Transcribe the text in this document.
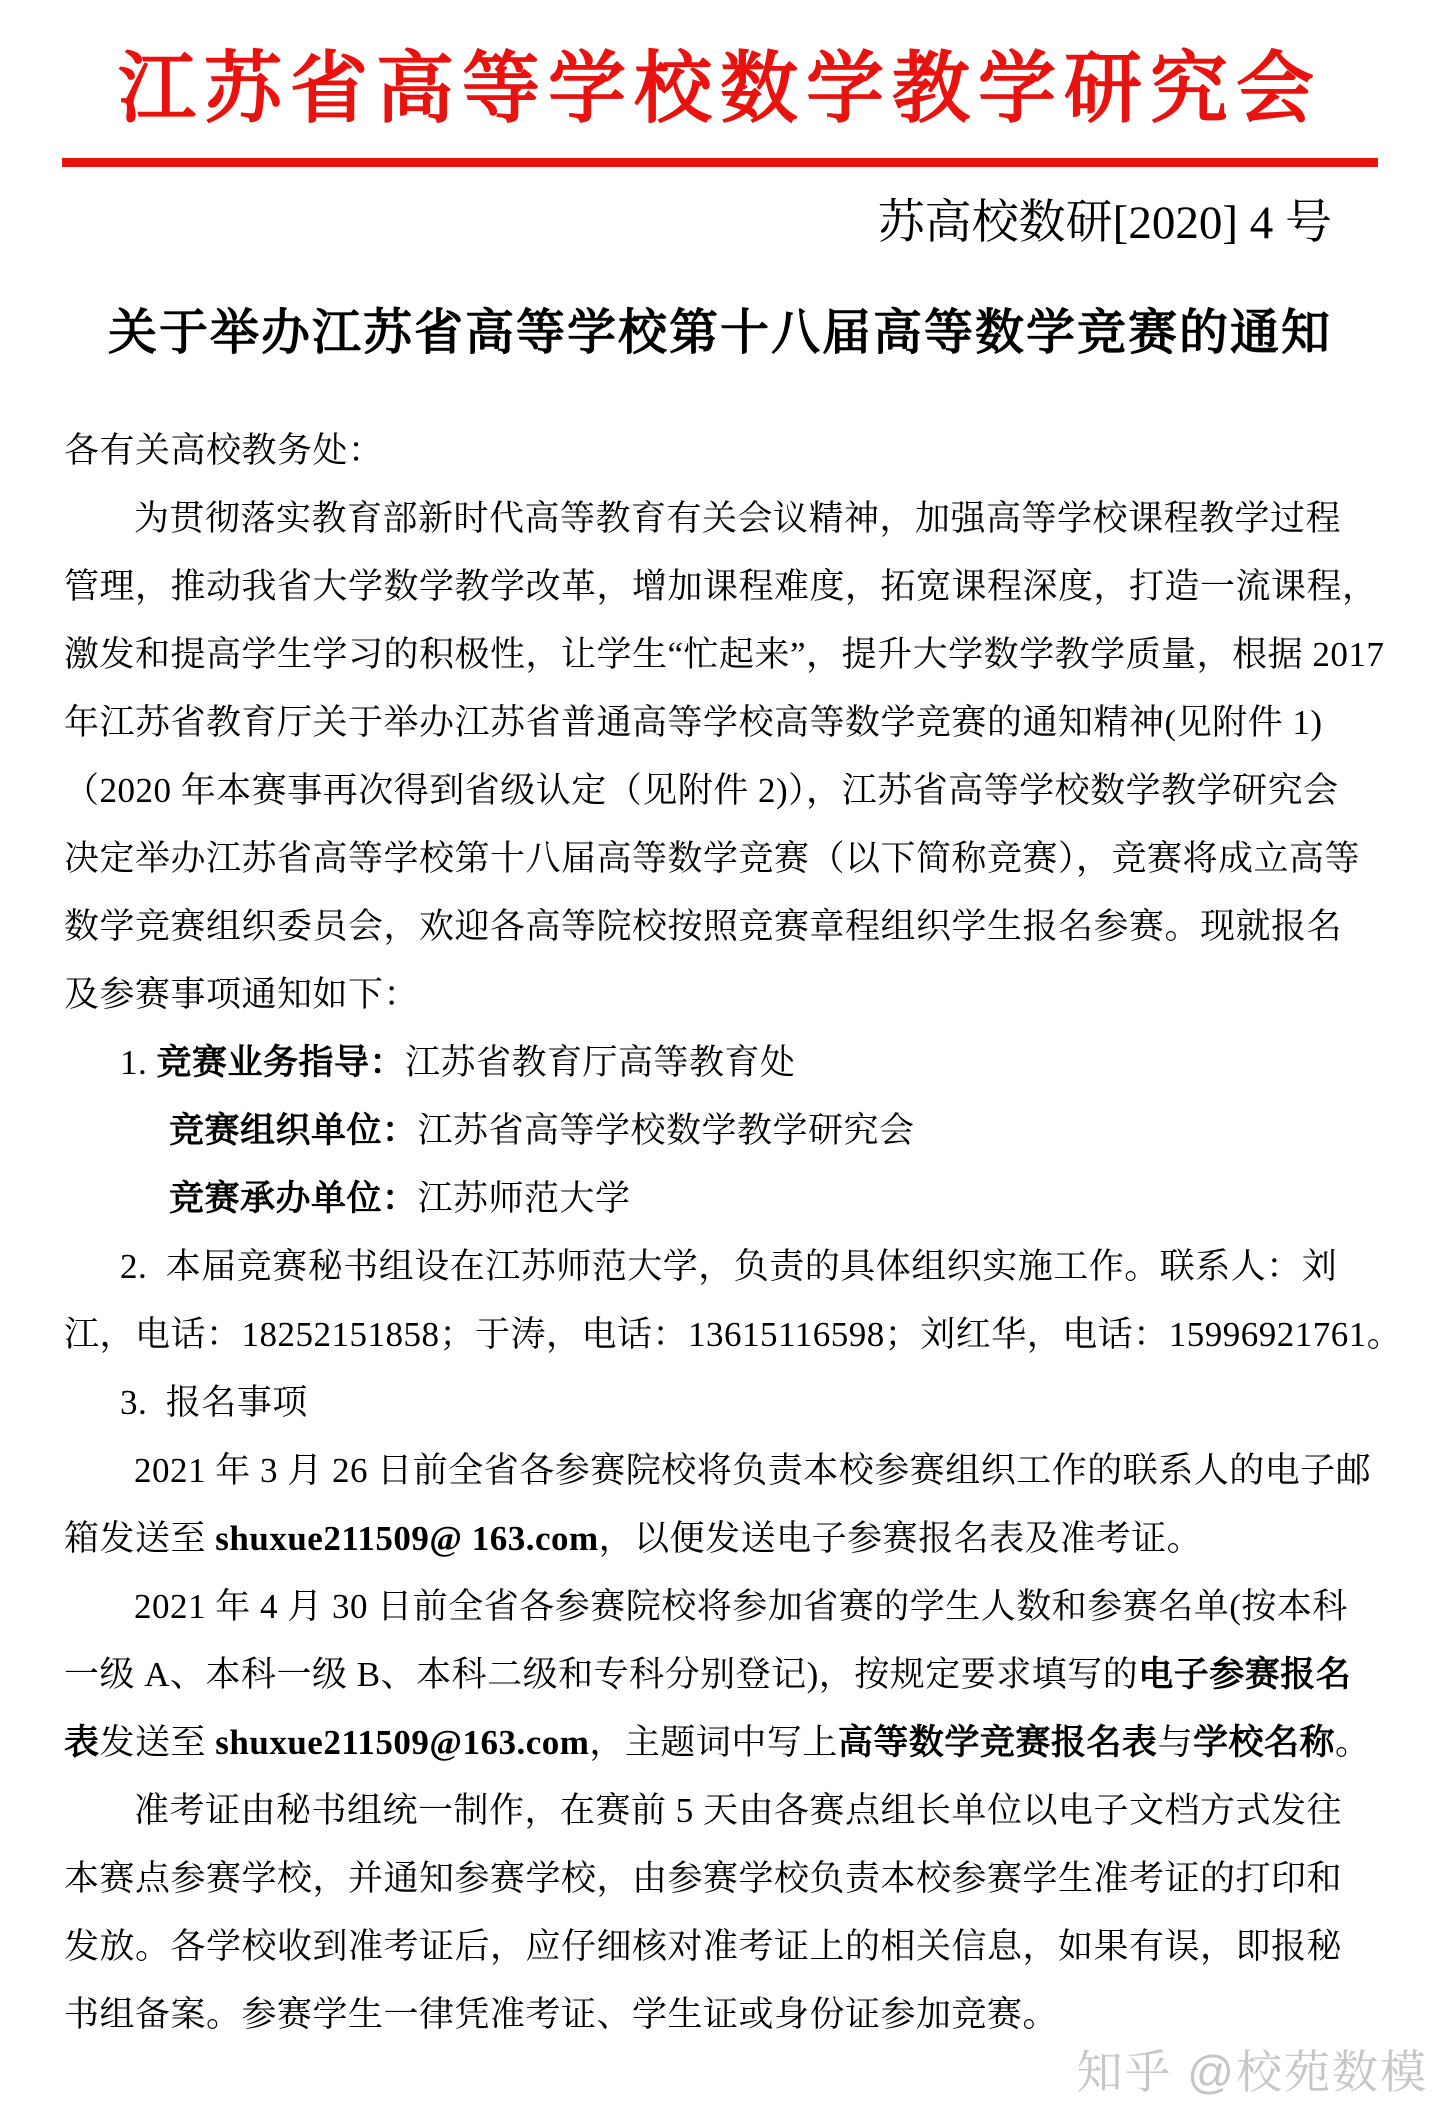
江苏省高等学校数学教学研究会
苏高校数研[2020] 4 号
关于举办江苏省高等学校第十八届高等数学竞赛的通知
各有关高校教务处：
为贯彻落实教育部新时代高等教育有关会议精神，加强高等学校课程教学过程
管理，推动我省大学数学教学改革，增加课程难度，拓宽课程深度，打造一流课程，
激发和提高学生学习的积极性，让学生“忙起来”，提升大学数学教学质量，根据 2017
年江苏省教育厅关于举办江苏省普通高等学校高等数学竞赛的通知精神(见附件 1)
（2020 年本赛事再次得到省级认定（见附件 2)），江苏省高等学校数学教学研究会
决定举办江苏省高等学校第十八届高等数学竞赛（以下简称竞赛），竞赛将成立高等
数学竞赛组织委员会，欢迎各高等院校按照竞赛章程组织学生报名参赛。现就报名
及参赛事项通知如下：
1. 竞赛业务指导：江苏省教育厅高等教育处
竞赛组织单位：江苏省高等学校数学教学研究会
竞赛承办单位：江苏师范大学
2.  本届竞赛秘书组设在江苏师范大学，负责的具体组织实施工作。联系人：刘
江，电话：18252151858；于涛，电话：13615116598；刘红华，电话：15996921761。
3.  报名事项
2021 年 3 月 26 日前全省各参赛院校将负责本校参赛组织工作的联系人的电子邮
箱发送至 shuxue211509@ 163.com，以便发送电子参赛报名表及准考证。
2021 年 4 月 30 日前全省各参赛院校将参加省赛的学生人数和参赛名单(按本科
一级 A、本科一级 B、本科二级和专科分别登记)，按规定要求填写的电子参赛报名
表发送至 shuxue211509@163.com，主题词中写上高等数学竞赛报名表与学校名称。
准考证由秘书组统一制作，在赛前 5 天由各赛点组长单位以电子文档方式发往
本赛点参赛学校，并通知参赛学校，由参赛学校负责本校参赛学生准考证的打印和
发放。各学校收到准考证后，应仔细核对准考证上的相关信息，如果有误，即报秘
书组备案。参赛学生一律凭准考证、学生证或身份证参加竞赛。
知乎 @校苑数模
